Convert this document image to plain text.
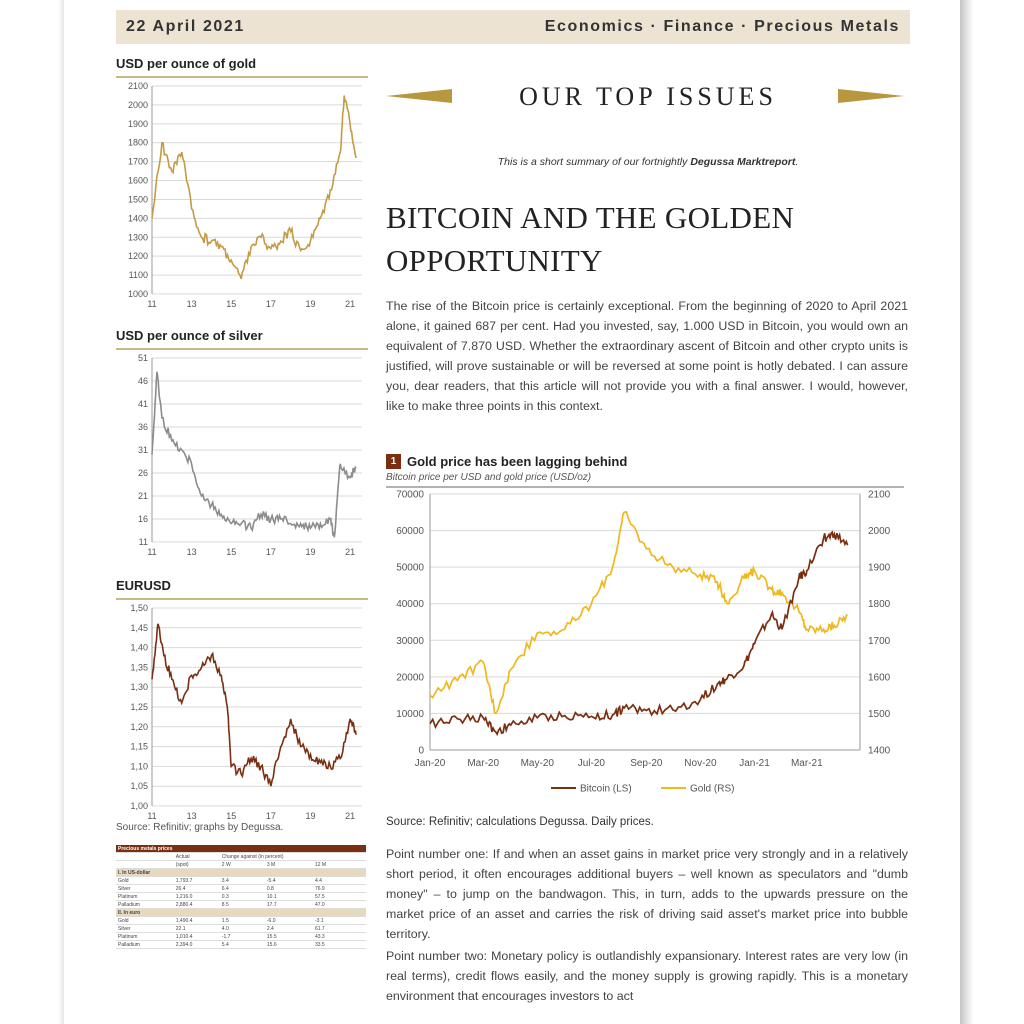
22 April 2021	Economics · Finance · Precious Metals
USD per ounce of gold
2100
2000
1900
1800
1700
1600
1500
1400
1300
1200
1100
1000
11	13	15	17	19	21
USD per ounce of silver
51
46
41
36
31
26
21
16
11
11	13	15	17	19	21
EURUSD
1,50
1,45
1,40
1,35
1,30
1,25
1,20
1,15
1,10
1,05
1,00
11	13	15	17	19	21
Source: Refinitiv; graphs by Degussa.
Precious metals prices				
	Actual	Change against (in percent)		
	(spot)	2 W	3 M	12 M
I. In US-dollar				
Gold	1,793.7	3.4	-5.4	4.4
Silver	26.4	6.4	0.8	76.9
Platinum	1,216.0	0.3	10.1	57.5
Palladium	2,880.4	8.5	17.7	47.0
II. In euro				
Gold	1,490.4	1.5	-6.0	-3.1
Silver	22.1	4.0	2.4	61.7
Platinum	1,010.4	-1.7	15.5	43.3
Palladium	2,394.0	5.4	15.6	33.5
OUR TOP ISSUES
This is a short summary of our fortnightly Degussa Marktreport.
BITCOIN AND THE GOLDEN
OPPORTUNITY
The rise of the Bitcoin price is certainly exceptional. From the beginning of 2020 to April 2021 alone, it gained 687 per cent. Had you invested, say, 1.000 USD in Bitcoin, you would own an equivalent of 7.870 USD. Whether the extraordinary ascent of Bitcoin and other crypto units is justified, will prove sustainable or will be reversed at some point is hotly debated. I can assure you, dear readers, that this article will not provide you with a final answer. I would, however, like to make three points in this context.
1 Gold price has been lagging behind
Bitcoin price per USD and gold price (USD/oz)
70000
60000
50000
40000
30000
20000
10000
0
2100
2000
1900
1800
1700
1600
1500
1400
Jan-20 Mar-20 May-20 Jul-20	Sep-20 Nov-20 Jan-21 Mar-21
Bitcoin (LS)	Gold (RS)
Source: Refinitiv; calculations Degussa. Daily prices.
Point number one: If and when an asset gains in market price very strongly and in a relatively short period, it often encourages additional buyers – well known as speculators and "dumb money" – to jump on the bandwagon. This, in turn, adds to the upwards pressure on the market price of an asset and carries the risk of driving said asset's market price into bubble territory.
Point number two: Monetary policy is outlandishly expansionary. Interest rates are very low (in real terms), credit flows easily, and the money supply is growing rapidly. This is a monetary environment that encourages investors to act
